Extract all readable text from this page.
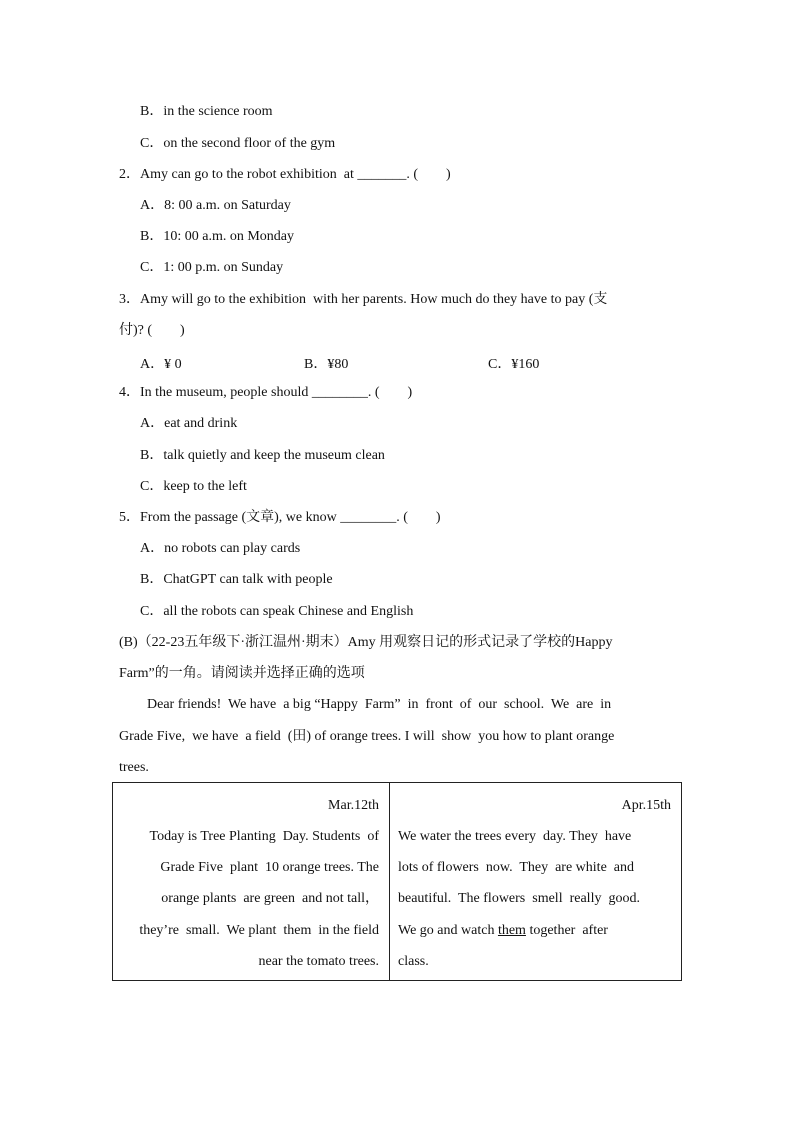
B．in the science room
C．on the second floor of the gym
2．Amy can go to the robot exhibition  at _______. (　　)
A．8: 00 a.m. on Saturday
B．10: 00 a.m. on Monday
C．1: 00 p.m. on Sunday
3．Amy will go to the exhibition  with her parents. How much do they have to pay (支
付)? (　　)
A．¥ 0	B．¥80	C．¥160
4．In the museum, people should ________. (　　)
A．eat and drink
B．talk quietly and keep the museum clean
C．keep to the left
5．From the passage (文章), we know ________. (　　)
A．no robots can play cards
B．ChatGPT can talk with people
C．all the robots can speak Chinese and English
(B)（22-23五年级下·浙江温州·期末）Amy 用观察日记的形式记录了学校的Happy
Farm”的一角。请阅读并选择正确的选项
Dear friends!  We have  a big “Happy  Farm”  in  front  of  our  school.  We  are  in
Grade Five,  we have  a field  (田) of orange trees. I will  show  you how to plant orange
trees.
Mar.12th
Today is Tree Planting  Day. Students  of
Grade Five  plant  10 orange trees. The
orange plants  are green  and not tall，
they’re  small.  We plant  them  in the field
near the tomato trees.
Apr.15th
We water the trees every  day. They  have
lots of flowers  now.  They  are white  and
beautiful.  The flowers  smell  really  good.
We go and watch them together  after
class.
